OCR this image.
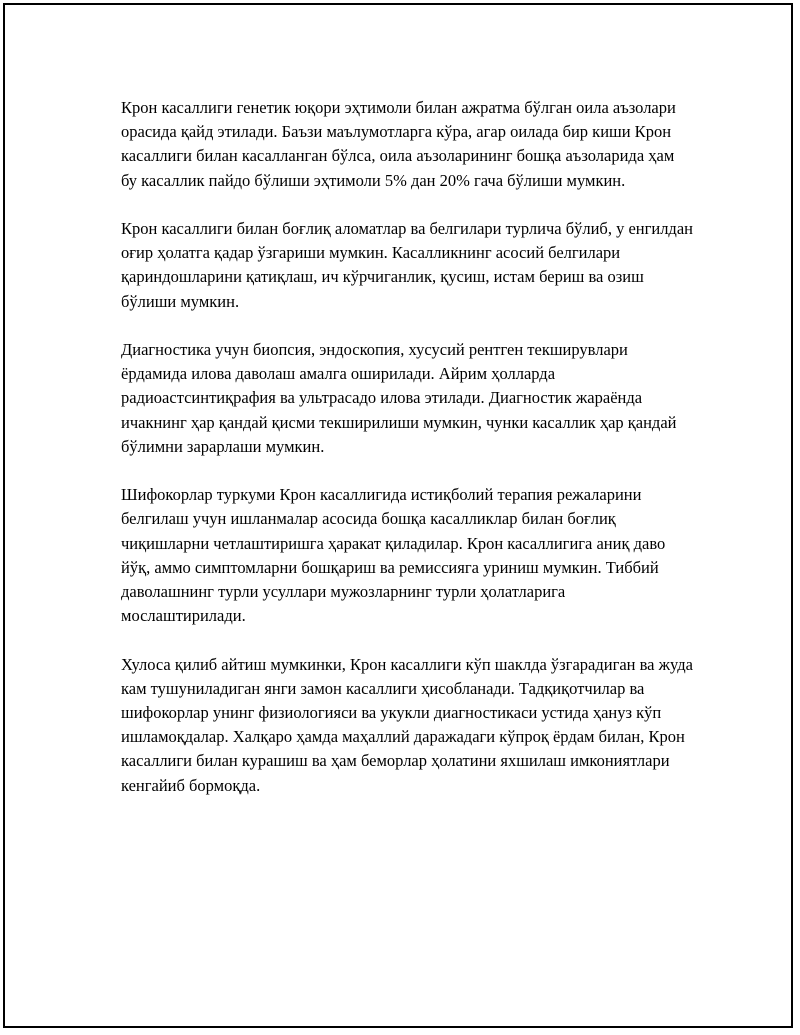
Крон касаллиги генетик юқори эҳтимоли билан ажратма бўлган оила аъзолари орасида қайд этилади. Баъзи маълумотларга кўра, агар оилада бир киши Крон касаллиги билан касалланган бўлса, оила аъзоларининг бошқа аъзоларида ҳам бу касаллик пайдо бўлиши эҳтимоли 5% дан 20% гача бўлиши мумкин.

Крон касаллиги билан боғлиқ аломатлар ва белгилари турлича бўлиб, у енгилдан оғир ҳолатга қадар ўзгариши мумкин. Касалликнинг асосий белгилари қариндошларини қатиқлаш, ич кўрчиганлик, қусиш, истам бериш ва озиш бўлиши мумкин.

Диагностика учун биопсия, эндоскопия, хусусий рентген текширувлари ёрдамида илова даволаш амалга оширилади. Айрим ҳолларда радиоастсинтиқрафия ва ультрасадо илова этилади. Диагностик жараёнда ичакнинг ҳар қандай қисми текширилиши мумкин, чунки касаллик ҳар қандай бўлимни зарарлаши мумкин.

Шифокорлар туркуми Крон касаллигида истиқболий терапия режаларини белгилаш учун ишланмалар асосида бошқа касалликлар билан боғлиқ чиқишларни четлаштиришга ҳаракат қиладилар. Крон касаллигига аниқ даво йўқ, аммо симптомларни бошқариш ва ремиссияга уриниш мумкин. Тиббий даволашнинг турли усуллари мужозларнинг турли ҳолатларига мослаштирилади.

Хулоса қилиб айтиш мумкинки, Крон касаллиги кўп шаклда ўзгарадиган ва жуда кам тушуниладиган янги замон касаллиги ҳисобланади. Тадқиқотчилар ва шифокорлар унинг физиологияси ва укукли диагностикаси устида ҳануз кўп ишламоқдалар. Халқаро ҳамда маҳаллий даражадаги кўпроқ ёрдам билан, Крон касаллиги билан курашиш ва ҳам беморлар ҳолатини яхшилаш имкониятлари кенгайиб бормоқда.
